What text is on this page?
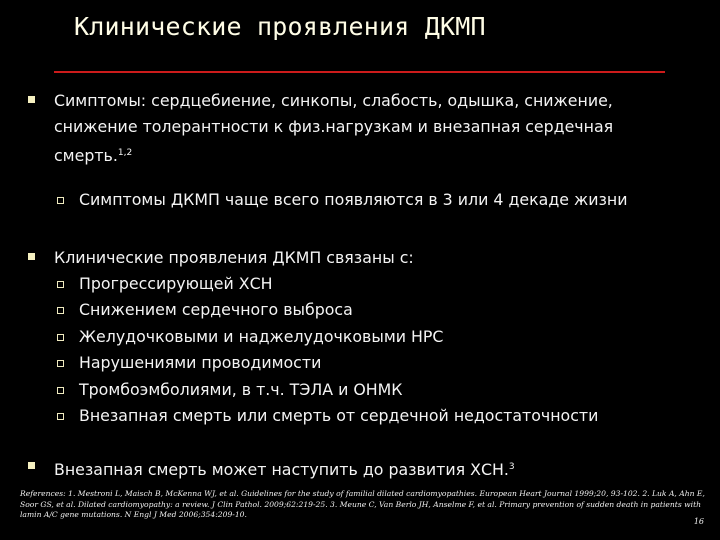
Клинические проявления ДКМП
Симптомы: сердцебиение, синкопы, слабость, одышка, снижение,
снижение толерантности к физ.нагрузкам и внезапная сердечная
смерть.$^{1,2}$
Симптомы ДКМП чаще всего появляются в 3 или 4 декаде жизни
Клинические проявления ДКМП связаны с:
Прогрессирующей ХСН
Снижением сердечного выброса
Желудочковыми и наджелудочковыми НРС
Нарушениями проводимости
Тромбоэмболиями, в т.ч. ТЭЛА и ОНМК
Внезапная смерть или смерть от сердечной недостаточности
Внезапная смерть может наступить до развития ХСН.$^3$
References: 1. Mestroni L, Maisch B, McKenna WJ, et al. Guidelines for the study of familial dilated cardiomyopathies. European Heart Journal 1999;20, 93-102. 2. Luk A, Ahn E, Soor GS, et al. Dilated cardiomyopathy: a review. J Clin Pathol. 2009;62:219-25. 3. Meune C, Van Berlo JH, Anselme F, et al. Primary prevention of sudden death in patients with lamin A/C gene mutations. N Engl J Med 2006;354:209-10.
16
